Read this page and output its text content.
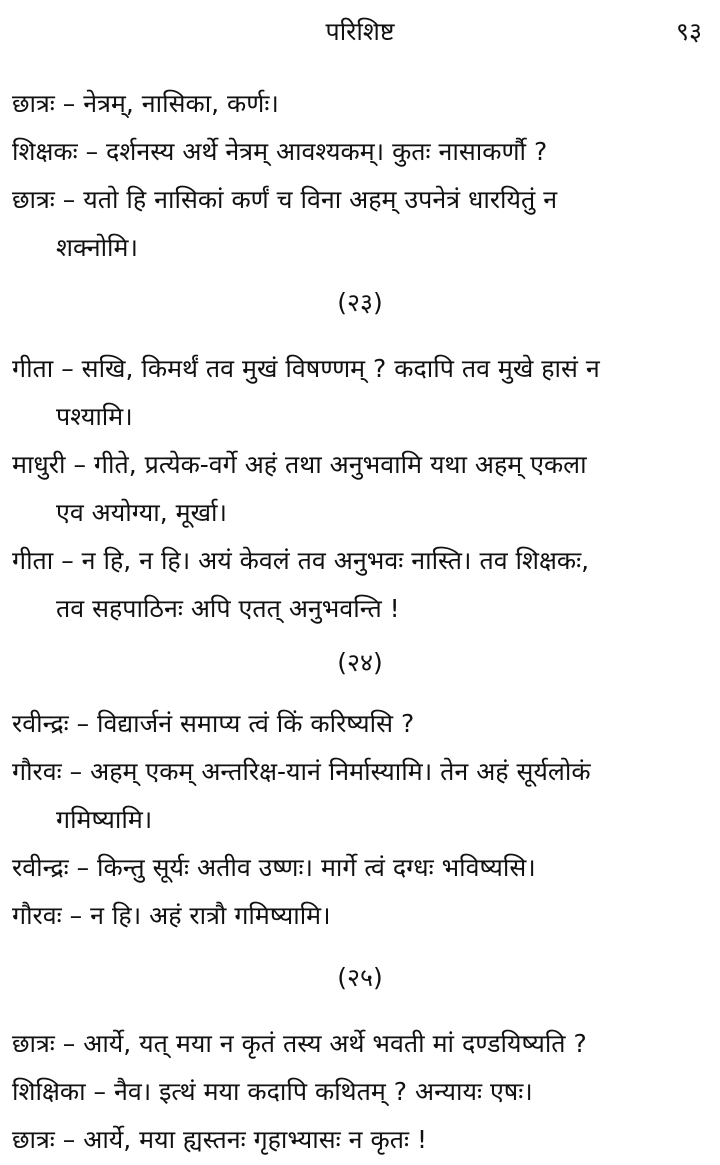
परिशिष्ट	९३
छात्रः – नेत्रम्, नासिका, कर्णः।
शिक्षकः – दर्शनस्य अर्थे नेत्रम् आवश्यकम्। कुतः नासाकर्णौ ?
छात्रः – यतो हि नासिकां कर्णं च विना अहम् उपनेत्रं धारयितुं न
शक्नोमि।
(२३)
गीता – सखि, किमर्थं तव मुखं विषण्णम् ? कदापि तव मुखे हासं न
पश्यामि।
माधुरी – गीते, प्रत्येक-वर्गे अहं तथा अनुभवामि यथा अहम् एकला
एव अयोग्या, मूर्खा।
गीता – न हि, न हि। अयं केवलं तव अनुभवः नास्ति। तव शिक्षकः,
तव सहपाठिनः अपि एतत् अनुभवन्ति !
(२४)
रवीन्द्रः – विद्यार्जनं समाप्य त्वं किं करिष्यसि ?
गौरवः – अहम् एकम् अन्तरिक्ष-यानं निर्मास्यामि। तेन अहं सूर्यलोकं
गमिष्यामि।
रवीन्द्रः – किन्तु सूर्यः अतीव उष्णः। मार्गे त्वं दग्धः भविष्यसि।
गौरवः – न हि। अहं रात्रौ गमिष्यामि।
(२५)
छात्रः – आर्ये, यत् मया न कृतं तस्य अर्थे भवती मां दण्डयिष्यति ?
शिक्षिका – नैव। इत्थं मया कदापि कथितम् ? अन्यायः एषः।
छात्रः – आर्ये, मया ह्यस्तनः गृहाभ्यासः न कृतः !
